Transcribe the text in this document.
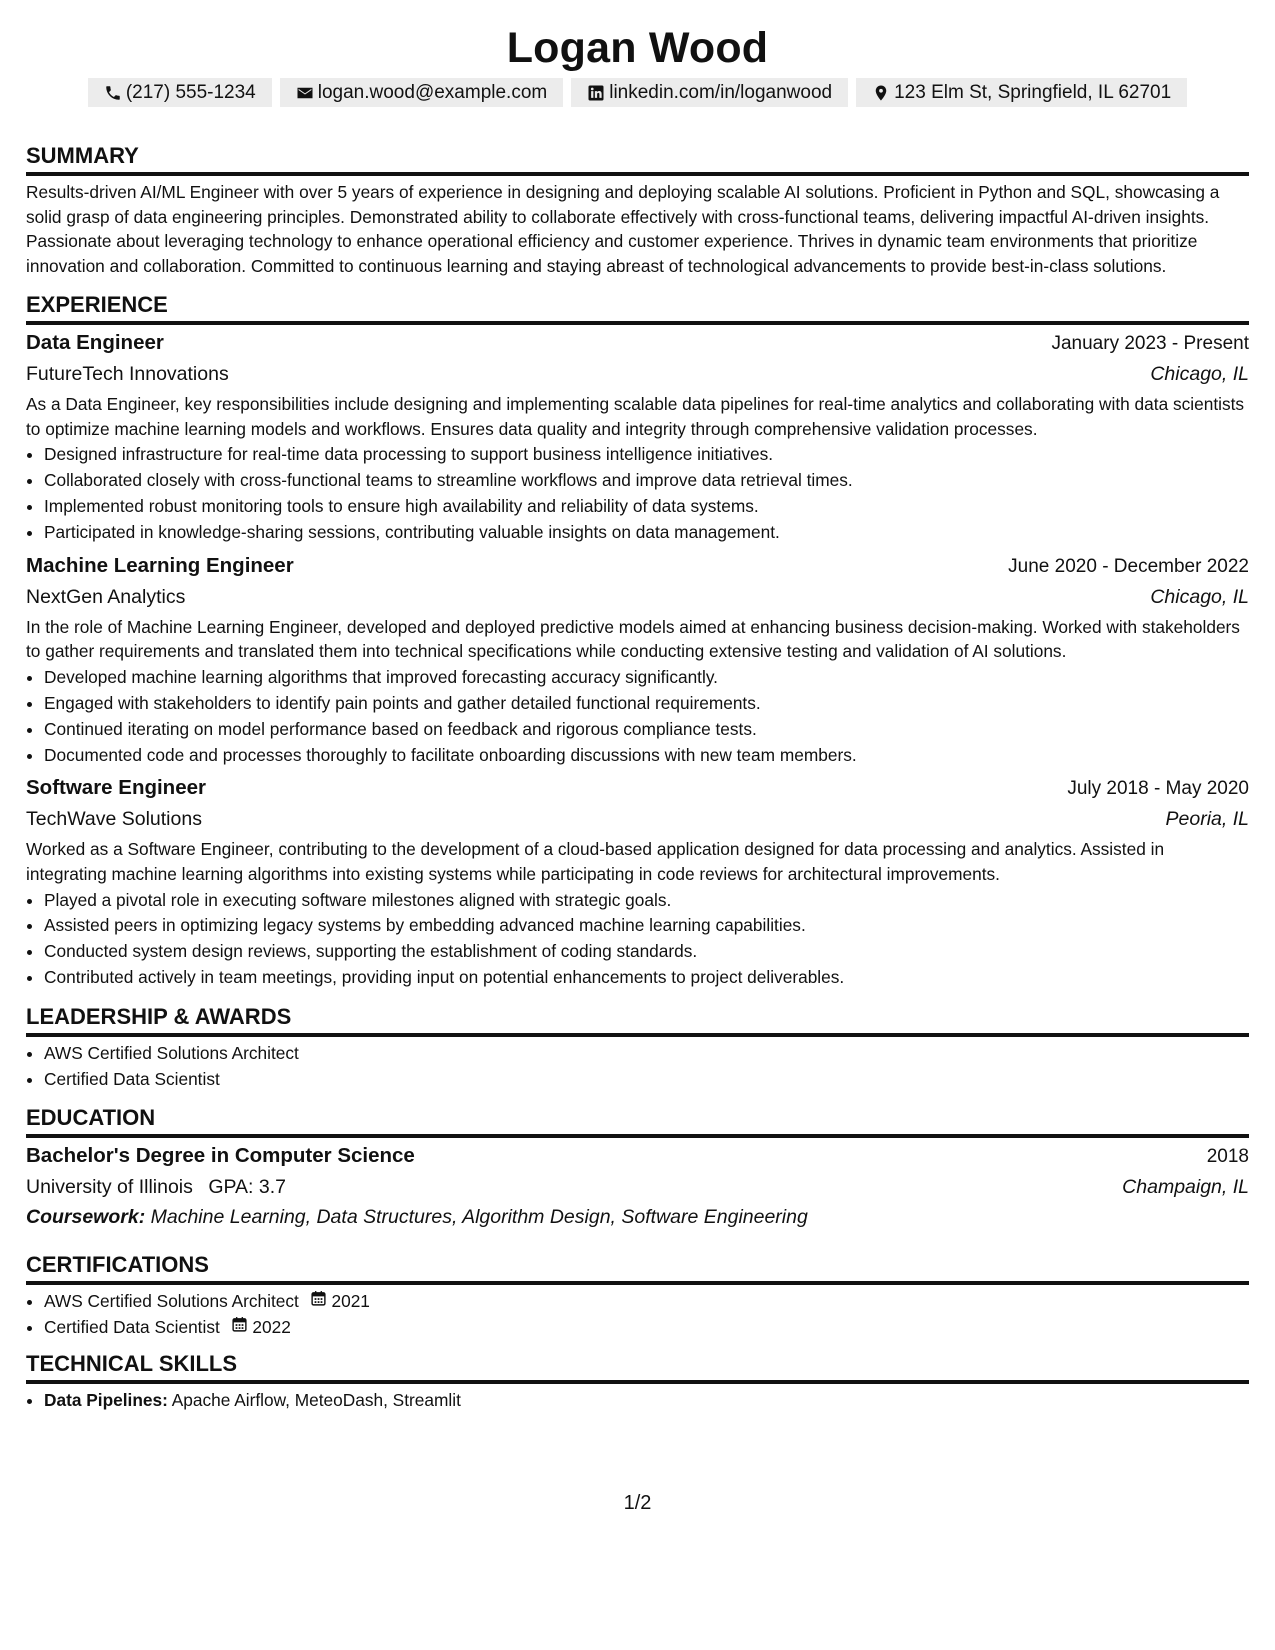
Logan Wood
(217) 555-1234	logan.wood@example.com	linkedin.com/in/loganwood	123 Elm St, Springfield, IL 62701
SUMMARY

Results-driven AI/ML Engineer with over 5 years of experience in designing and deploying scalable AI solutions. Proficient in Python and SQL, showcasing a solid grasp of data engineering principles. Demonstrated ability to collaborate effectively with cross-functional teams, delivering impactful AI-driven insights. Passionate about leveraging technology to enhance operational efficiency and customer experience. Thrives in dynamic team environments that prioritize innovation and collaboration. Committed to continuous learning and staying abreast of technological advancements to provide best-in-class solutions.

EXPERIENCE
Data Engineer	January 2023 - Present
FutureTech Innovations	Chicago, IL

As a Data Engineer, key responsibilities include designing and implementing scalable data pipelines for real-time analytics and collaborating with data scientists to optimize machine learning models and workflows. Ensures data quality and integrity through comprehensive validation processes.

• Designed infrastructure for real-time data processing to support business intelligence initiatives.
• Collaborated closely with cross-functional teams to streamline workflows and improve data retrieval times.
• Implemented robust monitoring tools to ensure high availability and reliability of data systems.
• Participated in knowledge-sharing sessions, contributing valuable insights on data management.
Machine Learning Engineer	June 2020 - December 2022
NextGen Analytics	Chicago, IL

In the role of Machine Learning Engineer, developed and deployed predictive models aimed at enhancing business decision-making. Worked with stakeholders to gather requirements and translated them into technical specifications while conducting extensive testing and validation of AI solutions.

• Developed machine learning algorithms that improved forecasting accuracy significantly.
• Engaged with stakeholders to identify pain points and gather detailed functional requirements.
• Continued iterating on model performance based on feedback and rigorous compliance tests.
• Documented code and processes thoroughly to facilitate onboarding discussions with new team members.
Software Engineer	July 2018 - May 2020
TechWave Solutions	Peoria, IL

Worked as a Software Engineer, contributing to the development of a cloud-based application designed for data processing and analytics. Assisted in integrating machine learning algorithms into existing systems while participating in code reviews for architectural improvements.

• Played a pivotal role in executing software milestones aligned with strategic goals.
• Assisted peers in optimizing legacy systems by embedding advanced machine learning capabilities.
• Conducted system design reviews, supporting the establishment of coding standards.
• Contributed actively in team meetings, providing input on potential enhancements to project deliverables.
LEADERSHIP & AWARDS
• AWS Certified Solutions Architect
• Certified Data Scientist
EDUCATION
Bachelor's Degree in Computer Science	2018
University of Illinois GPA: 3.7	Champaign, IL
Coursework: Machine Learning, Data Structures, Algorithm Design, Software Engineering
CERTIFICATIONS
• AWS Certified Solutions Architect 2021
• Certified Data Scientist 2022
TECHNICAL SKILLS
• Data Pipelines: Apache Airflow, MeteoDash, Streamlit
1/2
